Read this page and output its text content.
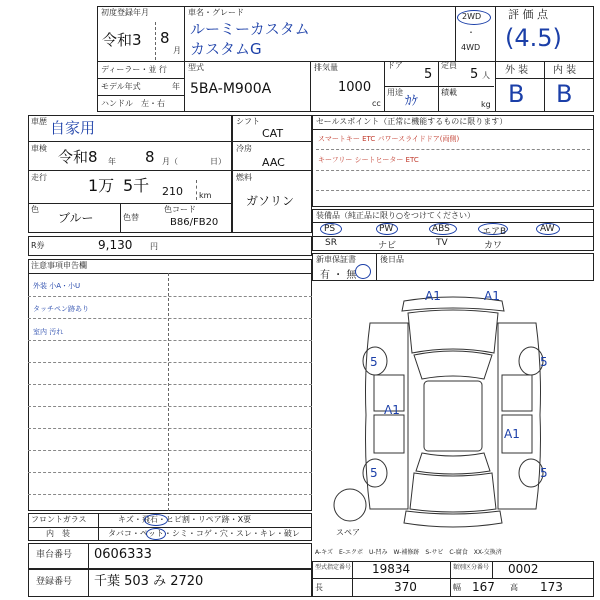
初度登録年月
令和3 8
月
車名・グレード
ルーミーカスタム
カスタムG
2WD
・
4WD
評 価 点
(4.5)
ディーラー・並 行
モデル年式	年
ハンドル　左・右
型式
5BA-M900A
排気量
1000
cc
ドア
5
定員
5 人
用途
ｶｹ
積載
kg
外 装 内 装
B B
車歴 自家用
車検 令和8 年 8 月（	日）
走行	1万 5千 210 km
色
ブルー	色替
色コード
B86/FB20
シフト
CAT
冷房
AAC
燃料
ガソリン
R券	9,130 円
注意事項申告欄
外装 小A・小U
タッチペン跡あり
室内 汚れ
セールスポイント（正常に機能するものに限ります）
スマートキー ETC パワースライドドア(両側)
キーフリー シートヒーター ETC
装備品（純正品に限り○をつけてください）
PS	PW	ABS	エアB	AW
SR	ナビ	TV	カワ
新車保証書
有 ・ 無
後日品
A1	A1
5	5
A1
A1
5	5
スペア
A-キズ　E-エクボ　U-凹み　W-補修跡　S-サビ　C-腐食　XX-交換済
フロントガラス	キズ・飛石・ヒビ割・リペア跡・X要
内　装	タバコ・ペット・シミ・コゲ・穴・スレ・キレ・破レ
車台番号 0606333
登録番号 千葉 503 み 2720
型式指定番号 19834	類別区分番号 0002
長	370	幅 167 高 173
